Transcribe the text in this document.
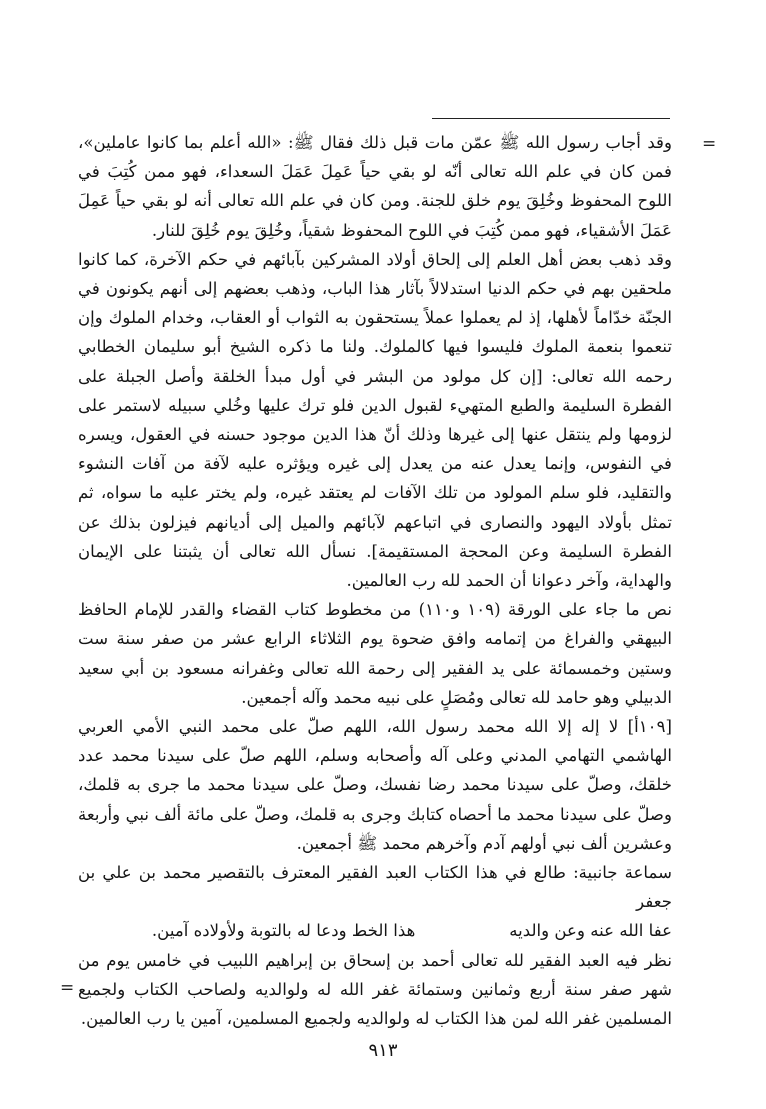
=

وقد أجاب رسول الله ﷺ عمّن مات قبل ذلك فقال ﷺ: «الله أعلم بما كانوا عاملين»، فمن كان في علم الله تعالى أنّه لو بقي حياً عَمِلَ عَمَلَ السعداء، فهو ممن كُتِبَ في اللوح المحفوظ وخُلِقَ يوم خلق للجنة. ومن كان في علم الله تعالى أنه لو بقي حياً عَمِلَ عَمَلَ الأشقياء، فهو ممن كُتِبَ في اللوح المحفوظ شقياً، وخُلِقَ يوم خُلِقَ للنار.

وقد ذهب بعض أهل العلم إلى إلحاق أولاد المشركين بآبائهم في حكم الآخرة، كما كانوا ملحقين بهم في حكم الدنيا استدلالاً بآثار هذا الباب، وذهب بعضهم إلى أنهم يكونون في الجنّة خدّاماً لأهلها، إذ لم يعملوا عملاً يستحقون به الثواب أو العقاب، وخدام الملوك وإن تنعموا بنعمة الملوك فليسوا فيها كالملوك. ولنا ما ذكره الشيخ أبو سليمان الخطابي رحمه الله تعالى: [إن كل مولود من البشر في أول مبدأ الخلقة وأصل الجبلة على الفطرة السليمة والطبع المتهيء لقبول الدين فلو ترك عليها وخُلي سبيله لاستمر على لزومها ولم ينتقل عنها إلى غيرها وذلك أنّ هذا الدين موجود حسنه في العقول، ويسره في النفوس، وإنما يعدل عنه من يعدل إلى غيره ويؤثره عليه لآفة من آفات النشوء والتقليد، فلو سلم المولود من تلك الآفات لم يعتقد غيره، ولم يختر عليه ما سواه، ثم تمثل بأولاد اليهود والنصارى في اتباعهم لآبائهم والميل إلى أديانهم فيزلون بذلك عن الفطرة السليمة وعن المحجة المستقيمة]. نسأل الله تعالى أن يثبتنا على الإيمان والهداية، وآخر دعوانا أن الحمد لله رب العالمين.

نص ما جاء على الورقة (١٠٩ و١١٠) من مخطوط كتاب القضاء والقدر للإمام الحافظ البيهقي والفراغ من إتمامه وافق ضحوة يوم الثلاثاء الرابع عشر من صفر سنة ست وستين وخمسمائة على يد الفقير إلى رحمة الله تعالى وغفرانه مسعود بن أبي سعيد الدبيلي وهو حامد لله تعالى ومُصَلٍ على نبيه محمد وآله أجمعين.

[١٠٩أ] لا إله إلا الله محمد رسول الله، اللهم صلّ على محمد النبي الأمي العربي الهاشمي التهامي المدني وعلى آله وأصحابه وسلم، اللهم صلّ على سيدنا محمد عدد خلقك، وصلّ على سيدنا محمد رضا نفسك، وصلّ على سيدنا محمد ما جرى به قلمك، وصلّ على سيدنا محمد ما أحصاه كتابك وجرى به قلمك، وصلّ على مائة ألف نبي وأربعة وعشرين ألف نبي أولهم آدم وآخرهم محمد ﷺ أجمعين.

سماعة جانبية: طالع في هذا الكتاب العبد الفقير المعترف بالتقصير محمد بن علي بن جعفر

عفا الله عنه وعن والديه
هذا الخط ودعا له بالتوبة ولأولاده آمين.

نظر فيه العبد الفقير لله تعالى أحمد بن إسحاق بن إبراهيم اللبيب في خامس يوم من شهر صفر سنة أربع وثمانين وستمائة غفر الله له ولوالديه ولصاحب الكتاب ولجميع المسلمين غفر الله لمن هذا الكتاب له ولوالديه ولجميع المسلمين، آمين يا رب العالمين.

=
٩١٣
